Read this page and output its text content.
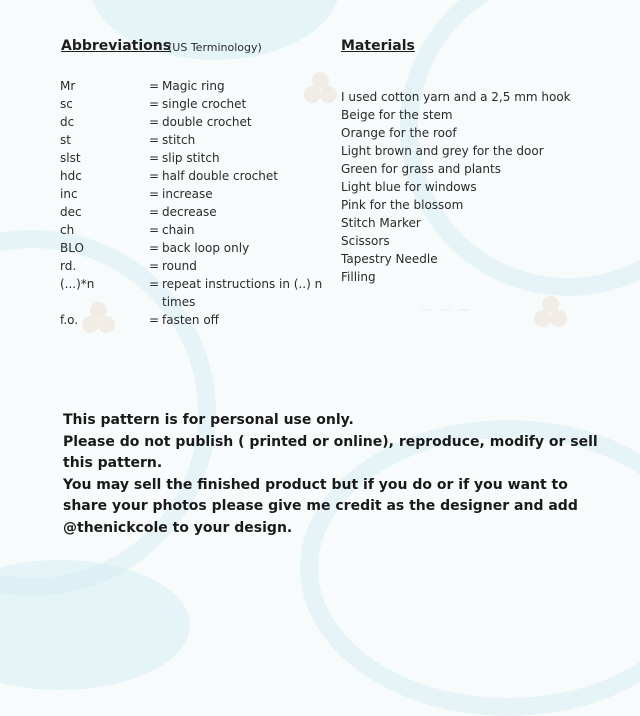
~ ~ ~
Abbreviations
(US Terminology)
Mr	= Magic ring
sc	= single crochet
dc	= double crochet
st	= stitch
slst	= slip stitch
hdc	= half double crochet
inc	= increase
dec	= decrease
ch	= chain
BLO	= back loop only
rd.	= round
(...)*n	= repeat instructions in (..) n times
f.o.	= fasten off
Materials
I used cotton yarn and a 2,5 mm hook
Beige for the stem
Orange for the roof
Light brown and grey for the door
Green for grass and plants
Light blue for windows
Pink for the blossom
Stitch Marker
Scissors
Tapestry Needle
Filling
This pattern is for personal use only.
Please do not publish ( printed or online), reproduce, modify or sell
this pattern.
You may sell the finished product but if you do or if you want to
share your photos please give me credit as the designer and add
@thenickcole to your design.
